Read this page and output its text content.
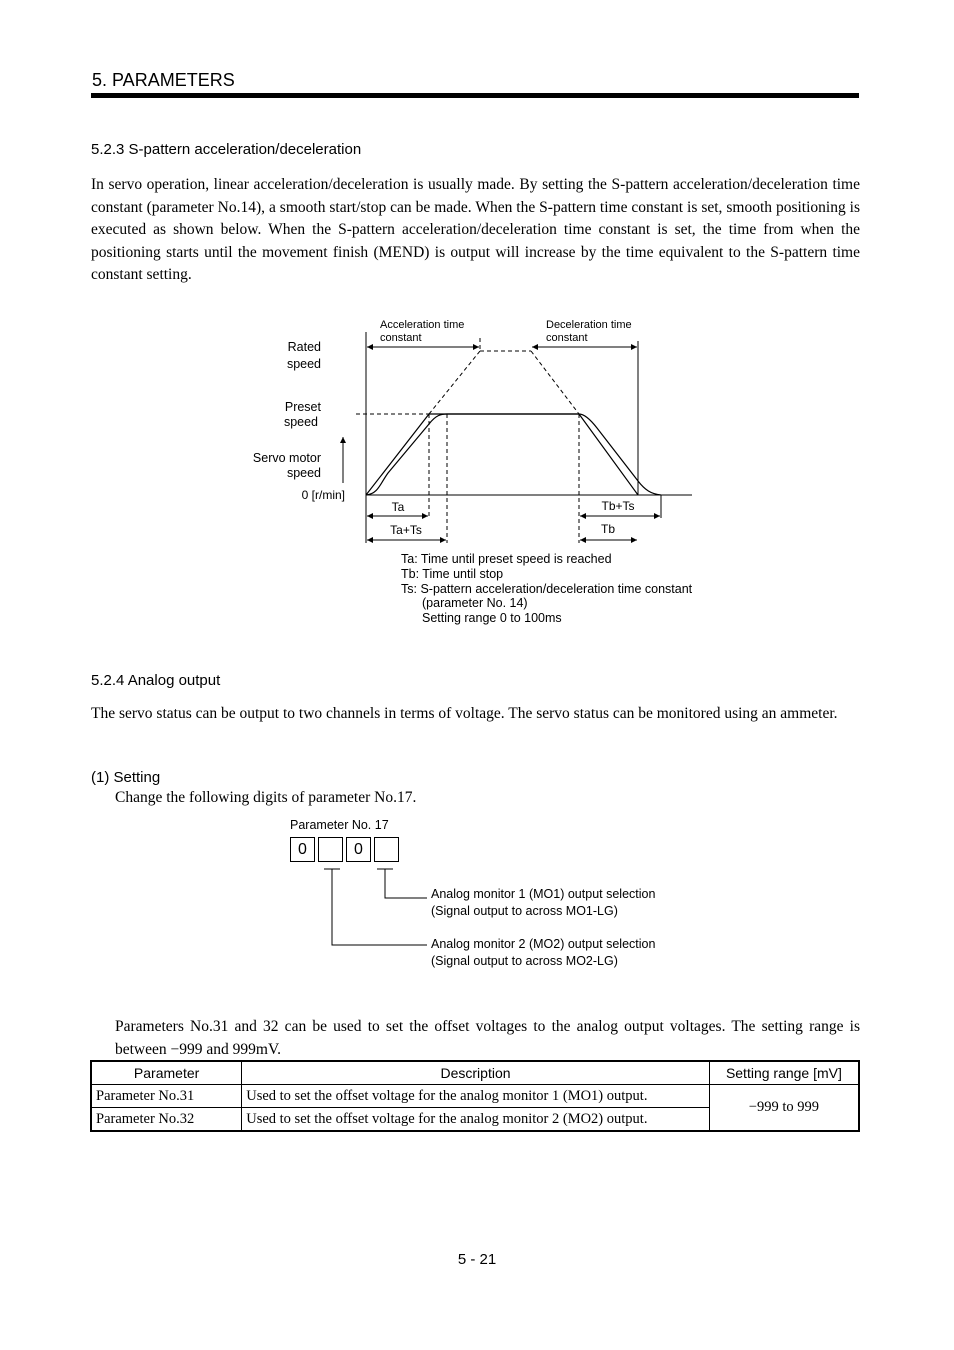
5. PARAMETERS
5.2.3 S-pattern acceleration/deceleration
In servo operation, linear acceleration/deceleration is usually made. By setting the S-pattern acceleration/deceleration time constant (parameter No.14), a smooth start/stop can be made. When the S-pattern time constant is set, smooth positioning is executed as shown below. When the S-pattern acceleration/deceleration time constant is set, the time from when the positioning starts until the movement finish (MEND) is output will increase by the time equivalent to the S-pattern time constant setting.
Acceleration time
constant
Deceleration time
constant
Rated
speed
Preset
speed
Servo motor
speed
0 [r/min]
Ta
Ta+Ts
Tb+Ts
Tb
Ta: Time until preset speed is reached
Tb: Time until stop
Ts: S-pattern acceleration/deceleration time constant
(parameter No. 14)
Setting range 0 to 100ms
5.2.4 Analog output
The servo status can be output to two channels in terms of voltage. The servo status can be monitored using an ammeter.
(1) Setting
Change the following digits of parameter No.17.
Parameter No. 17
0	0
Analog monitor 1 (MO1) output selection
(Signal output to across MO1-LG)
Analog monitor 2 (MO2) output selection
(Signal output to across MO2-LG)
Parameters No.31 and 32 can be used to set the offset voltages to the analog output voltages. The setting range is between −999 and 999mV.
Parameter	Description	Setting range [mV]
Parameter No.31	Used to set the offset voltage for the analog monitor 1 (MO1) output.	−999 to 999
Parameter No.32	Used to set the offset voltage for the analog monitor 2 (MO2) output.	
5 - 21
